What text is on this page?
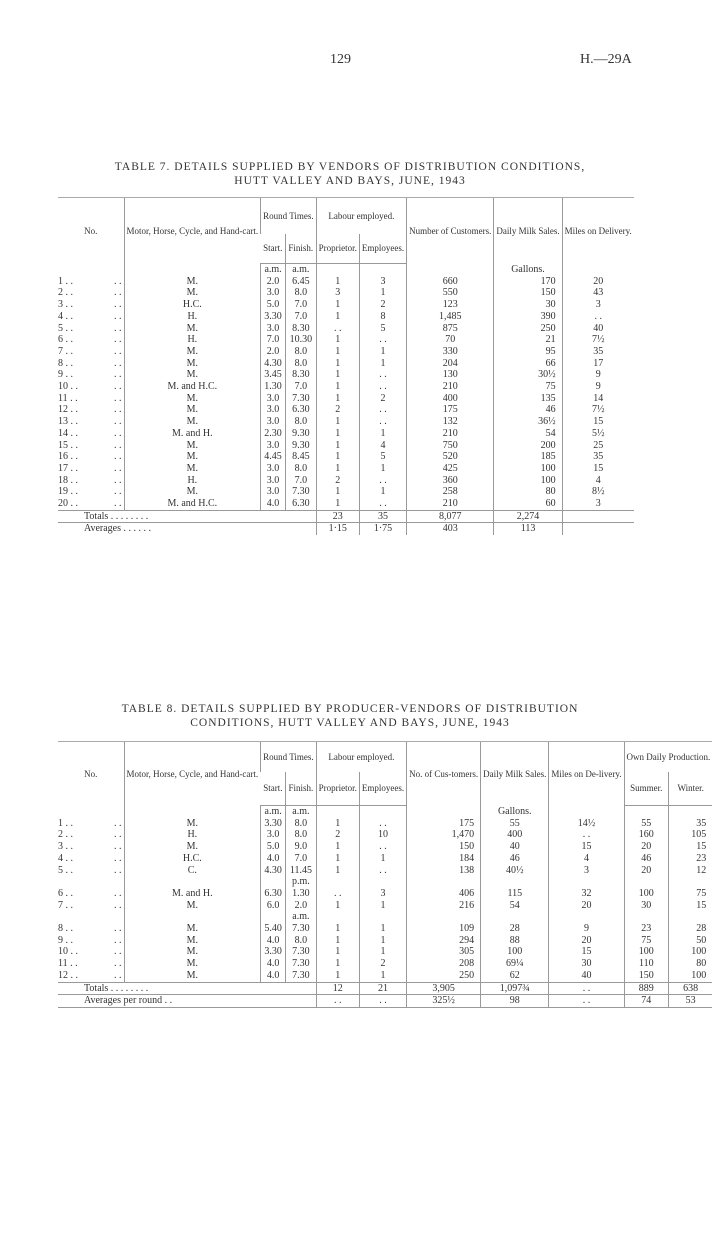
129	H.—29A
TABLE 7. DETAILS SUPPLIED BY VENDORS OF DISTRIBUTION CONDITIONS,
HUTT VALLEY AND BAYS, JUNE, 1943
No.	Motor, Horse, Cycle, and Hand-cart.	Round Times.		Labour employed.		Number of Customers.	Daily Milk Sales.	Miles on Delivery.
		Start.	Finish.	Proprietor.	Employees.			
		a.m.	a.m.				Gallons.	
1 . . . .	M.	2.0	6.45	1	3	660	170	20
2 . . . .	M.	3.0	8.0	3	1	550	150	43
3 . . . .	H.C.	5.0	7.0	1	2	123	30	3
4 . . . .	H.	3.30	7.0	1	8	1,485	390	. .
5 . . . .	M.	3.0	8.30	. .	5	875	250	40
6 . . . .	H.	7.0	10.30	1	. .	70	21	7½
7 . . . .	M.	2.0	8.0	1	1	330	95	35
8 . . . .	M.	4.30	8.0	1	1	204	66	17
9 . . . .	M.	3.45	8.30	1	. .	130	30½	9
10 . . . .	M. and H.C.	1.30	7.0	1	. .	210	75	9
11 . . . .	M.	3.0	7.30	1	2	400	135	14
12 . . . .	M.	3.0	6.30	2	. .	175	46	7½
13 . . . .	M.	3.0	8.0	1	. .	132	36½	15
14 . . . .	M. and H.	2.30	9.30	1	1	210	54	5½
15 . . . .	M.	3.0	9.30	1	4	750	200	25
16 . . . .	M.	4.45	8.45	1	5	520	185	35
17 . . . .	M.	3.0	8.0	1	1	425	100	15
18 . . . .	H.	3.0	7.0	2	. .	360	100	4
19 . . . .	M.	3.0	7.30	1	1	258	80	8½
20 . . . .	M. and H.C.	4.0	6.30	1	. .	210	60	3
Totals . . . . . . . .				23	35	8,077	2,274	
Averages . . . . . .				1·15	1·75	403	113	
TABLE 8. DETAILS SUPPLIED BY PRODUCER-VENDORS OF DISTRIBUTION
CONDITIONS, HUTT VALLEY AND BAYS, JUNE, 1943
No.	Motor, Horse, Cycle, and Hand-cart.	Round Times.		Labour employed.		No. of Cus-tomers.	Daily Milk Sales.	Miles on De-livery.	Own Daily Production.	
		Start.	Finish.	Proprietor.	Employees.				Summer.	Winter.
		a.m.	a.m.				Gallons.			
1 . . . .	M.	3.30	8.0	1	. .	175	55	14½	55	35
2 . . . .	H.	3.0	8.0	2	10	1,470	400	. .	160	105
3 . . . .	M.	5.0	9.0	1	. .	150	40	15	20	15
4 . . . .	H.C.	4.0	7.0	1	1	184	46	4	46	23
5 . . . .	C.	4.30	11.45	1	. .	138	40½	3	20	12
			p.m.							
6 . . . .	M. and H.	6.30	1.30	. .	3	406	115	32	100	75
7 . . . .	M.	6.0	2.0	1	1	216	54	20	30	15
			a.m.							
8 . . . .	M.	5.40	7.30	1	1	109	28	9	23	28
9 . . . .	M.	4.0	8.0	1	1	294	88	20	75	50
10 . . . .	M.	3.30	7.30	1	1	305	100	15	100	100
11 . . . .	M.	4.0	7.30	1	2	208	69¼	30	110	80
12 . . . .	M.	4.0	7.30	1	1	250	62	40	150	100
Totals . . . . . . . .				12	21	3,905	1,097¾	. .	889	638
Averages per round . .				. .	. .	325½	98	. .	74	53
